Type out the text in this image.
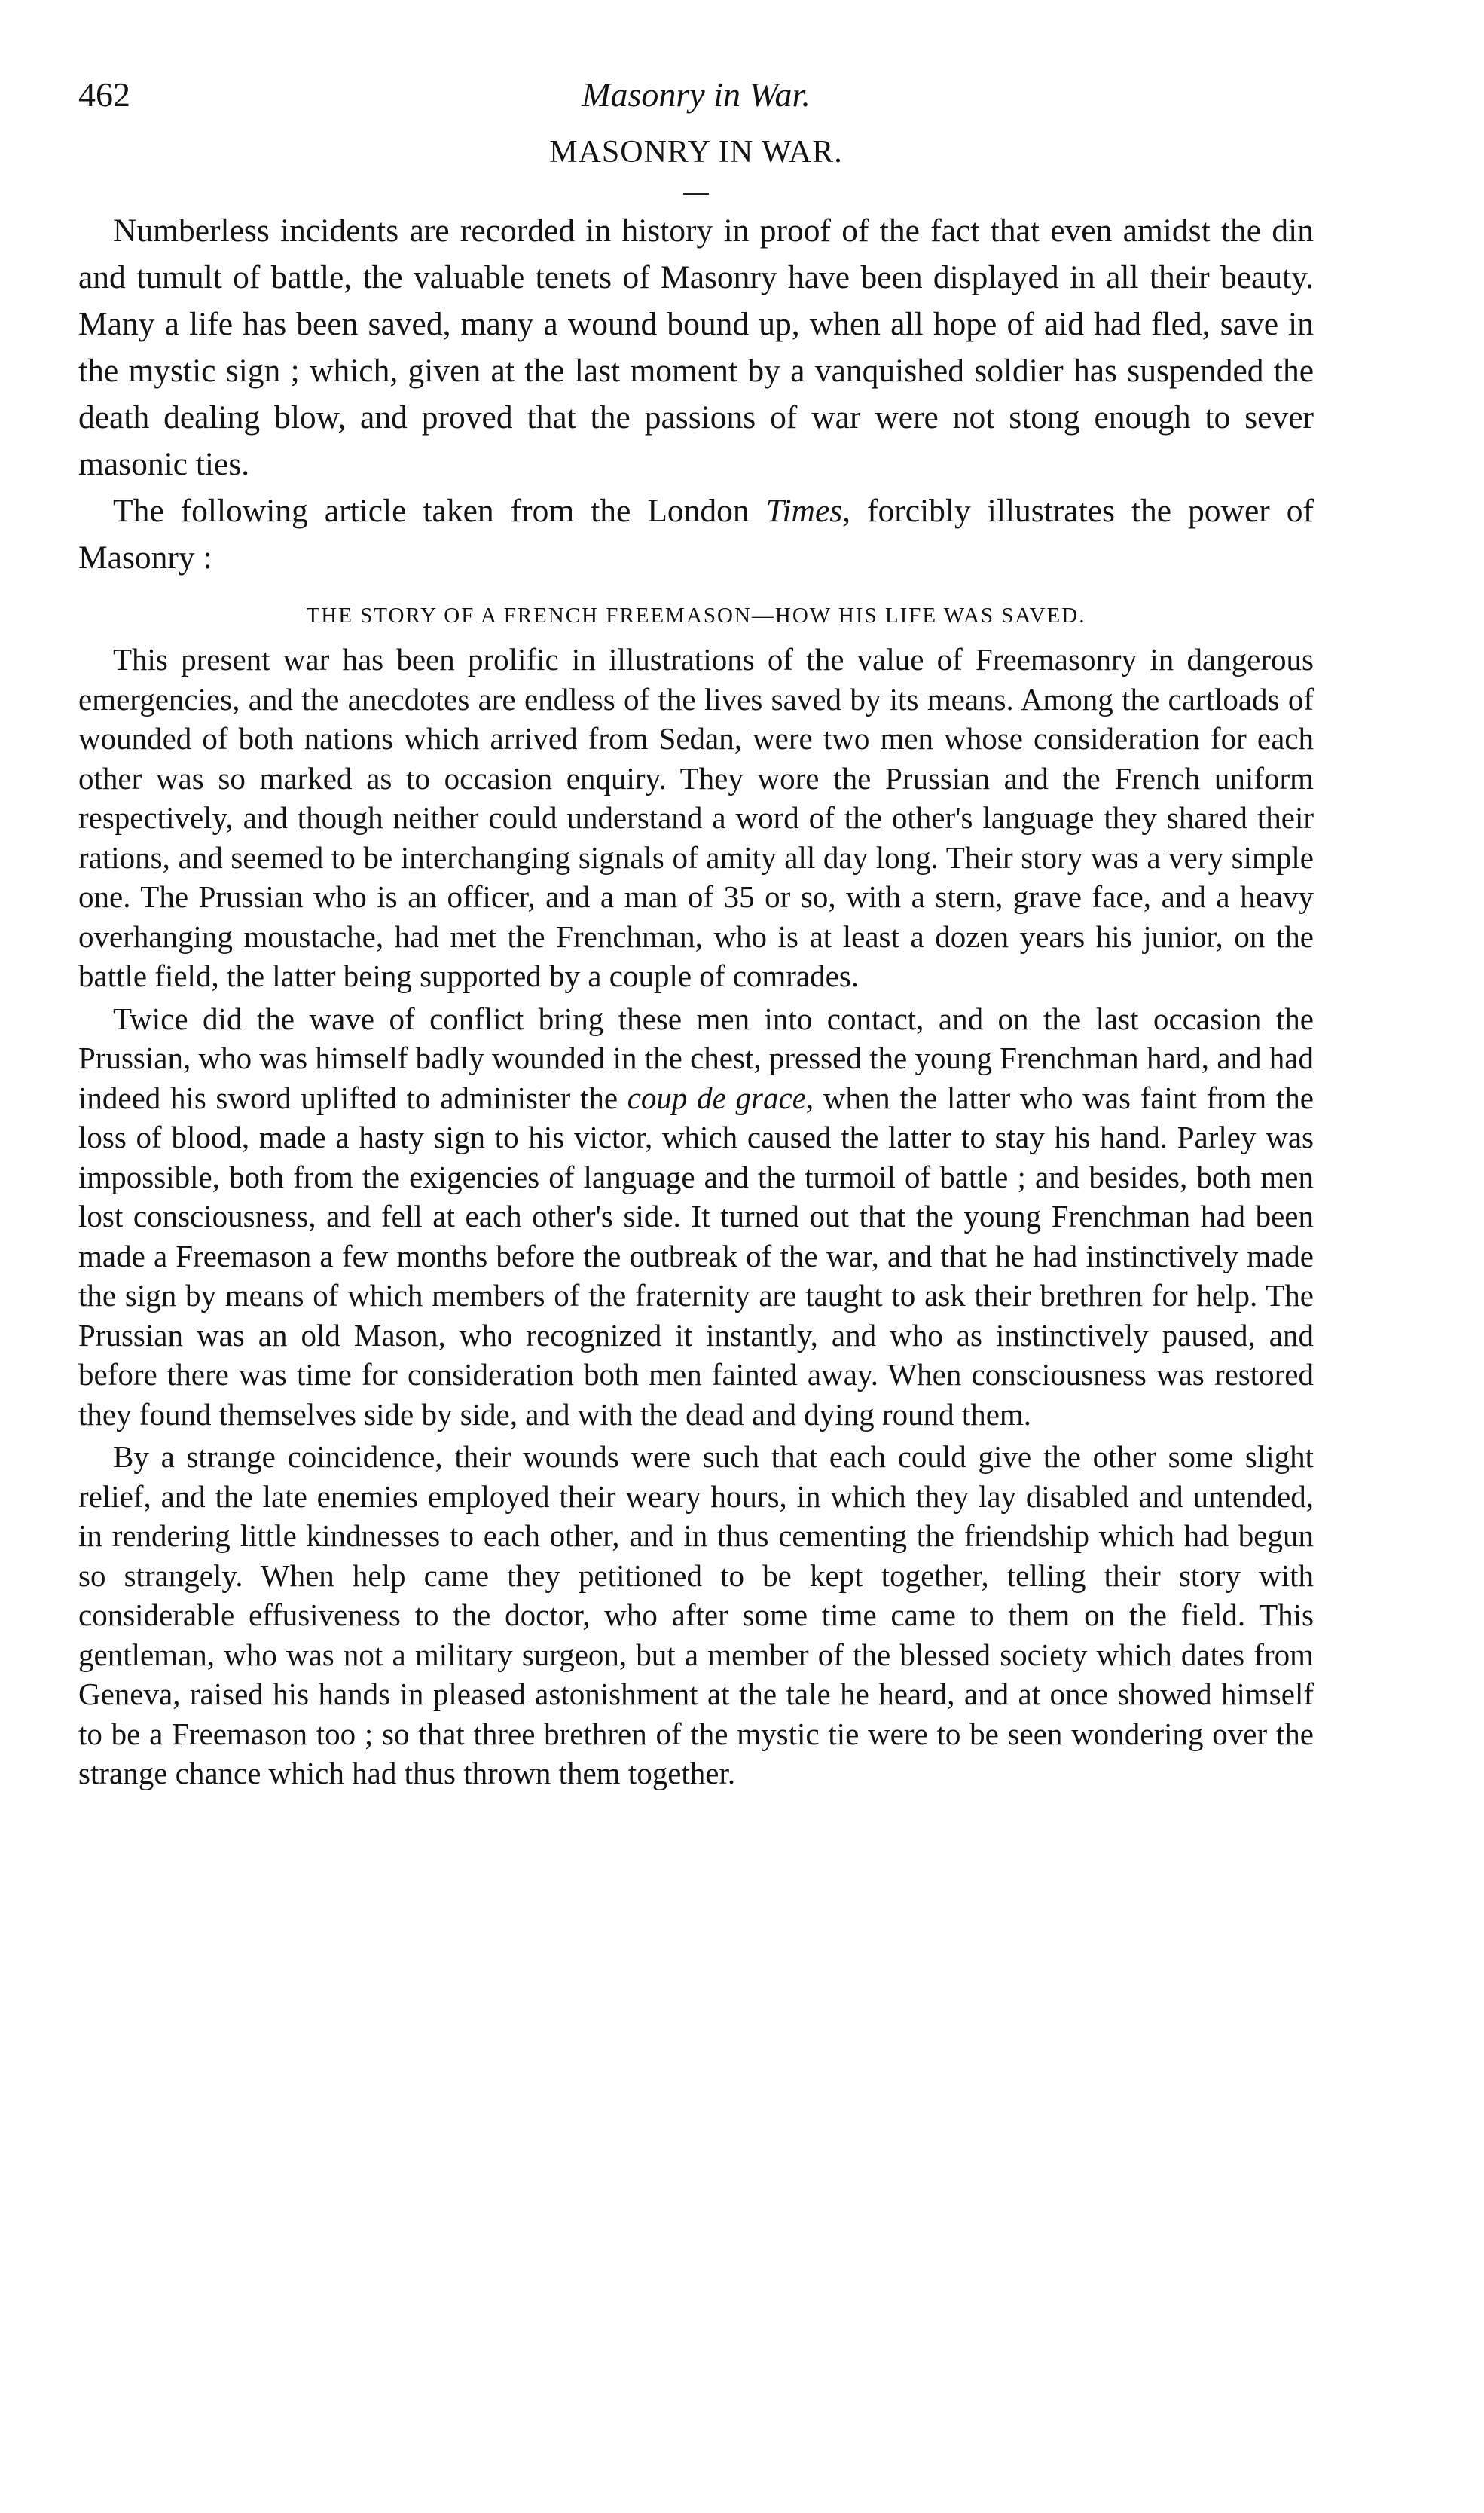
462	Masonry in War.
MASONRY IN WAR.

Numberless incidents are recorded in history in proof of the fact that even amidst the din and tumult of battle, the valuable tenets of Masonry have been displayed in all their beauty. Many a life has been saved, many a wound bound up, when all hope of aid had fled, save in the mystic sign ; which, given at the last moment by a vanquished soldier has suspended the death dealing blow, and proved that the passions of war were not stong enough to sever masonic ties.

The following article taken from the London Times, forcibly illustrates the power of Masonry :

THE STORY OF A FRENCH FREEMASON—HOW HIS LIFE WAS SAVED.

This present war has been prolific in illustrations of the value of Freemasonry in dangerous emergencies, and the anecdotes are endless of the lives saved by its means. Among the cartloads of wounded of both nations which arrived from Sedan, were two men whose consideration for each other was so marked as to occasion enquiry. They wore the Prussian and the French uniform respectively, and though neither could understand a word of the other's language they shared their rations, and seemed to be interchanging signals of amity all day long. Their story was a very simple one. The Prussian who is an officer, and a man of 35 or so, with a stern, grave face, and a heavy overhanging moustache, had met the Frenchman, who is at least a dozen years his junior, on the battle field, the latter being supported by a couple of comrades.

Twice did the wave of conflict bring these men into contact, and on the last occasion the Prussian, who was himself badly wounded in the chest, pressed the young Frenchman hard, and had indeed his sword uplifted to administer the coup de grace, when the latter who was faint from the loss of blood, made a hasty sign to his victor, which caused the latter to stay his hand. Parley was impossible, both from the exigencies of language and the turmoil of battle ; and besides, both men lost consciousness, and fell at each other's side. It turned out that the young Frenchman had been made a Freemason a few months before the outbreak of the war, and that he had instinctively made the sign by means of which members of the fraternity are taught to ask their brethren for help. The Prussian was an old Mason, who recognized it instantly, and who as instinctively paused, and before there was time for consideration both men fainted away. When consciousness was restored they found themselves side by side, and with the dead and dying round them.

By a strange coincidence, their wounds were such that each could give the other some slight relief, and the late enemies employed their weary hours, in which they lay disabled and untended, in rendering little kindnesses to each other, and in thus cementing the friendship which had begun so strangely. When help came they petitioned to be kept together, telling their story with considerable effusiveness to the doctor, who after some time came to them on the field. This gentleman, who was not a military surgeon, but a member of the blessed society which dates from Geneva, raised his hands in pleased astonishment at the tale he heard, and at once showed himself to be a Freemason too ; so that three brethren of the mystic tie were to be seen wondering over the strange chance which had thus thrown them together.
